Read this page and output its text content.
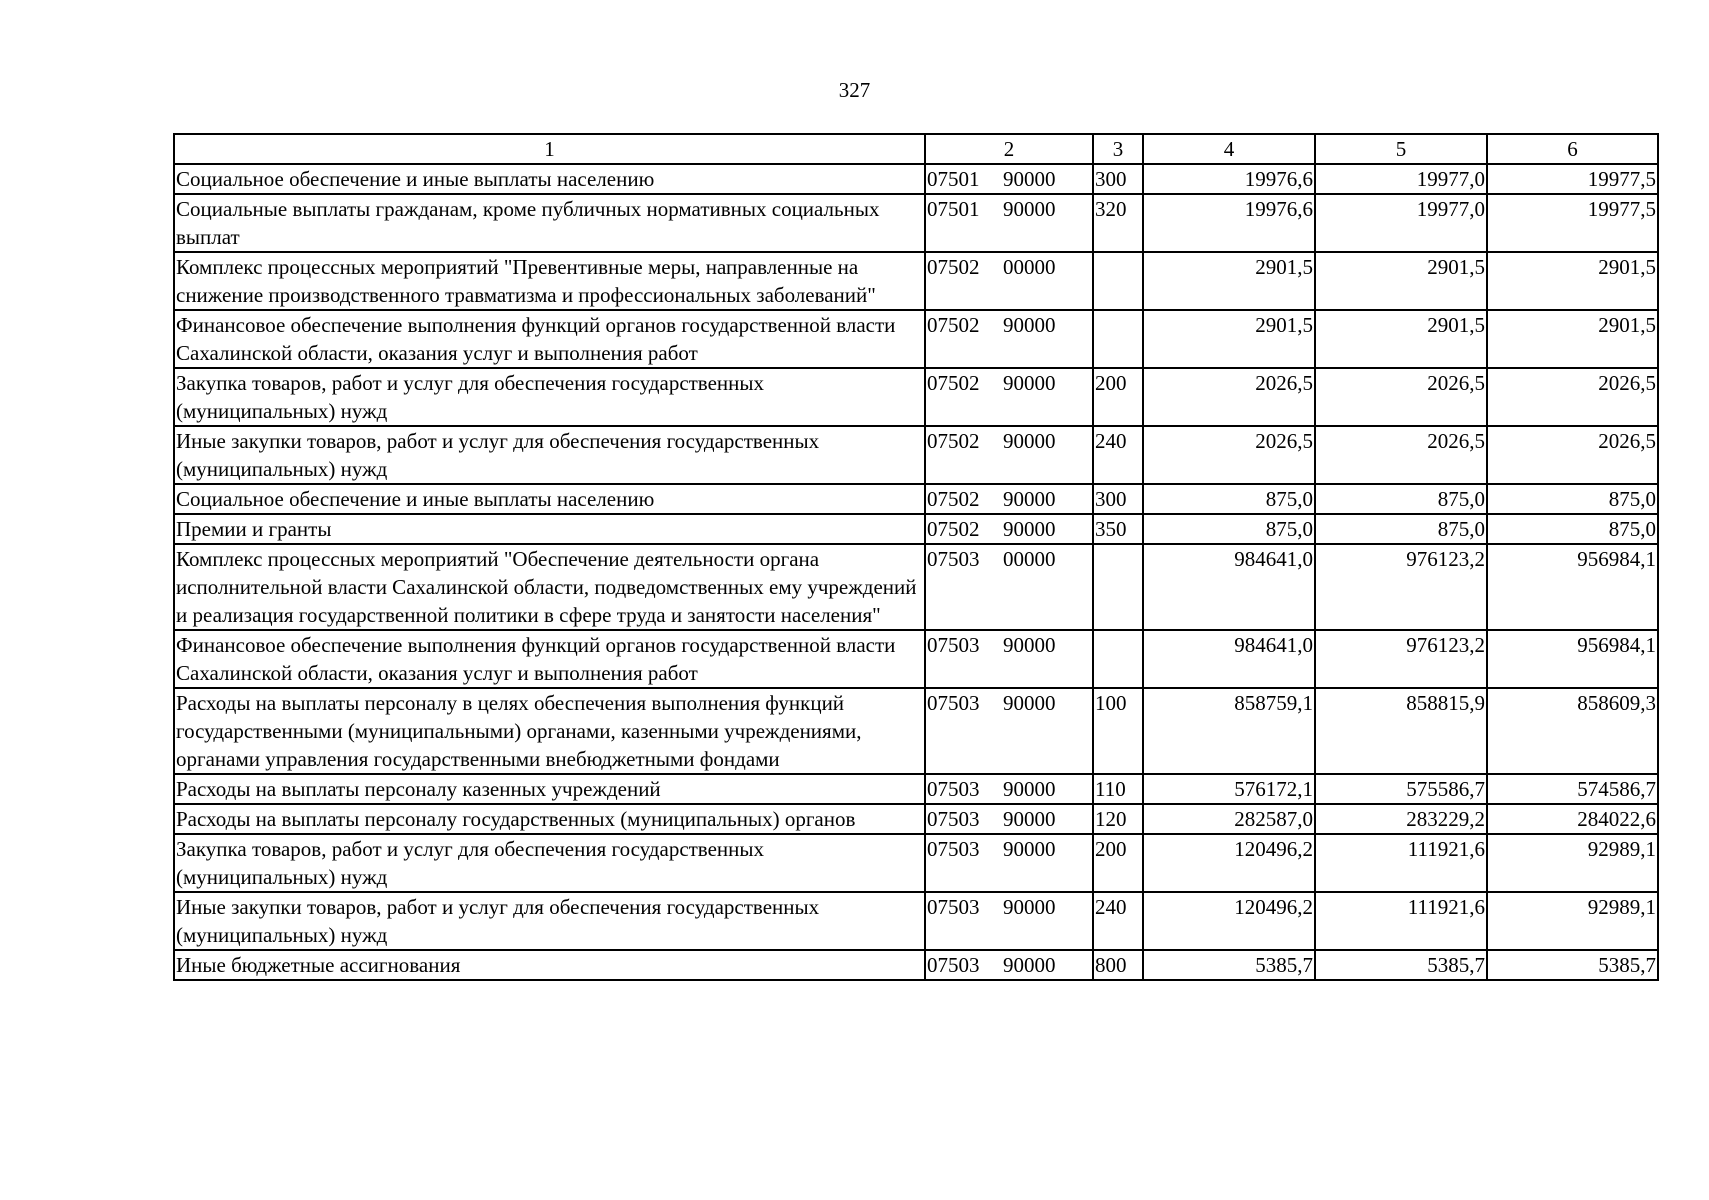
327
1	2	3	4	5	6
Социальное обеспечение и иные выплаты населению	07501 90000	300	19976,6	19977,0	19977,5
Социальные выплаты гражданам, кроме публичных нормативных социальных выплат	07501 90000	320	19976,6	19977,0	19977,5
Комплекс процессных мероприятий "Превентивные меры, направленные на снижение производственного травматизма и профессиональных заболеваний"	07502 00000		2901,5	2901,5	2901,5
Финансовое обеспечение выполнения функций органов государственной власти Сахалинской области, оказания услуг и выполнения работ	07502 90000		2901,5	2901,5	2901,5
Закупка товаров, работ и услуг для обеспечения государственных (муниципальных) нужд	07502 90000	200	2026,5	2026,5	2026,5
Иные закупки товаров, работ и услуг для обеспечения государственных (муниципальных) нужд	07502 90000	240	2026,5	2026,5	2026,5
Социальное обеспечение и иные выплаты населению	07502 90000	300	875,0	875,0	875,0
Премии и гранты	07502 90000	350	875,0	875,0	875,0
Комплекс процессных мероприятий "Обеспечение деятельности органа исполнительной власти Сахалинской области, подведомственных ему учреждений и реализация государственной политики в сфере труда и занятости населения"	07503 00000		984641,0	976123,2	956984,1
Финансовое обеспечение выполнения функций органов государственной власти Сахалинской области, оказания услуг и выполнения работ	07503 90000		984641,0	976123,2	956984,1
Расходы на выплаты персоналу в целях обеспечения выполнения функций государственными (муниципальными) органами, казенными учреждениями, органами управления государственными внебюджетными фондами	07503 90000	100	858759,1	858815,9	858609,3
Расходы на выплаты персоналу казенных учреждений	07503 90000	110	576172,1	575586,7	574586,7
Расходы на выплаты персоналу государственных (муниципальных) органов	07503 90000	120	282587,0	283229,2	284022,6
Закупка товаров, работ и услуг для обеспечения государственных (муниципальных) нужд	07503 90000	200	120496,2	111921,6	92989,1
Иные закупки товаров, работ и услуг для обеспечения государственных (муниципальных) нужд	07503 90000	240	120496,2	111921,6	92989,1
Иные бюджетные ассигнования	07503 90000	800	5385,7	5385,7	5385,7
